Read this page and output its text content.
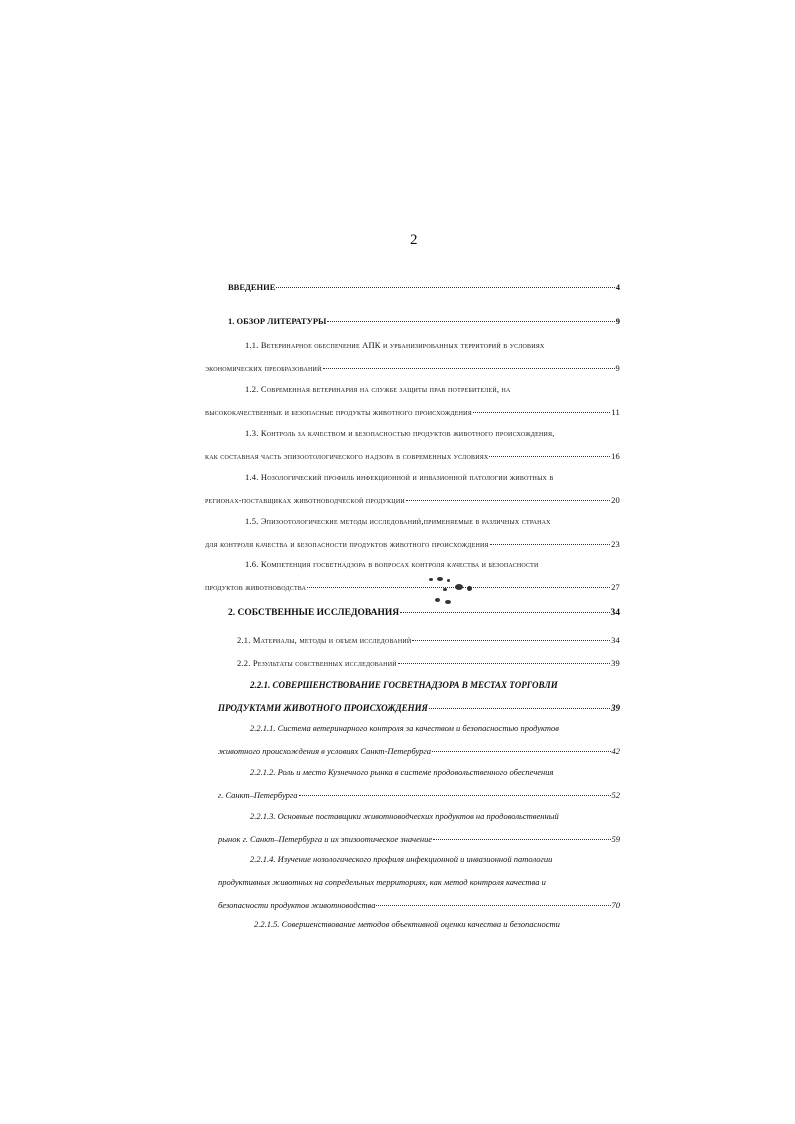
2
ВВЕДЕНИЕ	4
1. ОБЗОР ЛИТЕРАТУРЫ	9
1.1. Ветеринарное обеспечение АПК и урбанизированных территорий в условиях
экономических преобразований	9
1.2. Современная ветеринария на службе защиты прав потребителей, на
высококачественные и безопасные продукты животного происхождения	11
1.3. Контроль за качеством и безопасностью продуктов животного происхождения,
как составная часть эпизоотологического надзора в современных условиях	16
1.4. Нозологический профиль инфекционной и инвазионной патологии животных в
регионах-поставщиках животноводческой продукции	20
1.5. Эпизоотологические методы исследований,применяемые в различных странах
для контроля качества и безопасности продуктов животного происхождения	23
1.6. Компетенция госветнадзора в вопросах контроля качества и безопасности
продуктов животноводства	27
2. СОБСТВЕННЫЕ ИССЛЕДОВАНИЯ	34
2.1. Материалы, методы и объем исследований	34
2.2. Результаты собственных исследований	39
2.2.1. СОВЕРШЕНСТВОВАНИЕ ГОСВЕТНАДЗОРА В МЕСТАХ ТОРГОВЛИ
ПРОДУКТАМИ ЖИВОТНОГО ПРОИСХОЖДЕНИЯ	39
2.2.1.1. Система ветеринарного контроля за качеством и безопасностью продуктов
животного происхождения в условиях Санкт-Петербурга	42
2.2.1.2. Роль и место Кузнечного рынка в системе продовольственного обеспечения
г. Санкт–Петербурга	52
2.2.1.3. Основные поставщики животноводческих продуктов на продовольственный
рынок г. Санкт–Петербурга и их эпизоотическое значение	59
2.2.1.4. Изучение нозологического профиля инфекционной и инвазионной патологии
продуктивных животных на сопредельных территориях, как метод контроля качества и
безопасности продуктов животноводства	70
2.2.1.5. Совершенствование методов объективной оценки качества и безопасности
